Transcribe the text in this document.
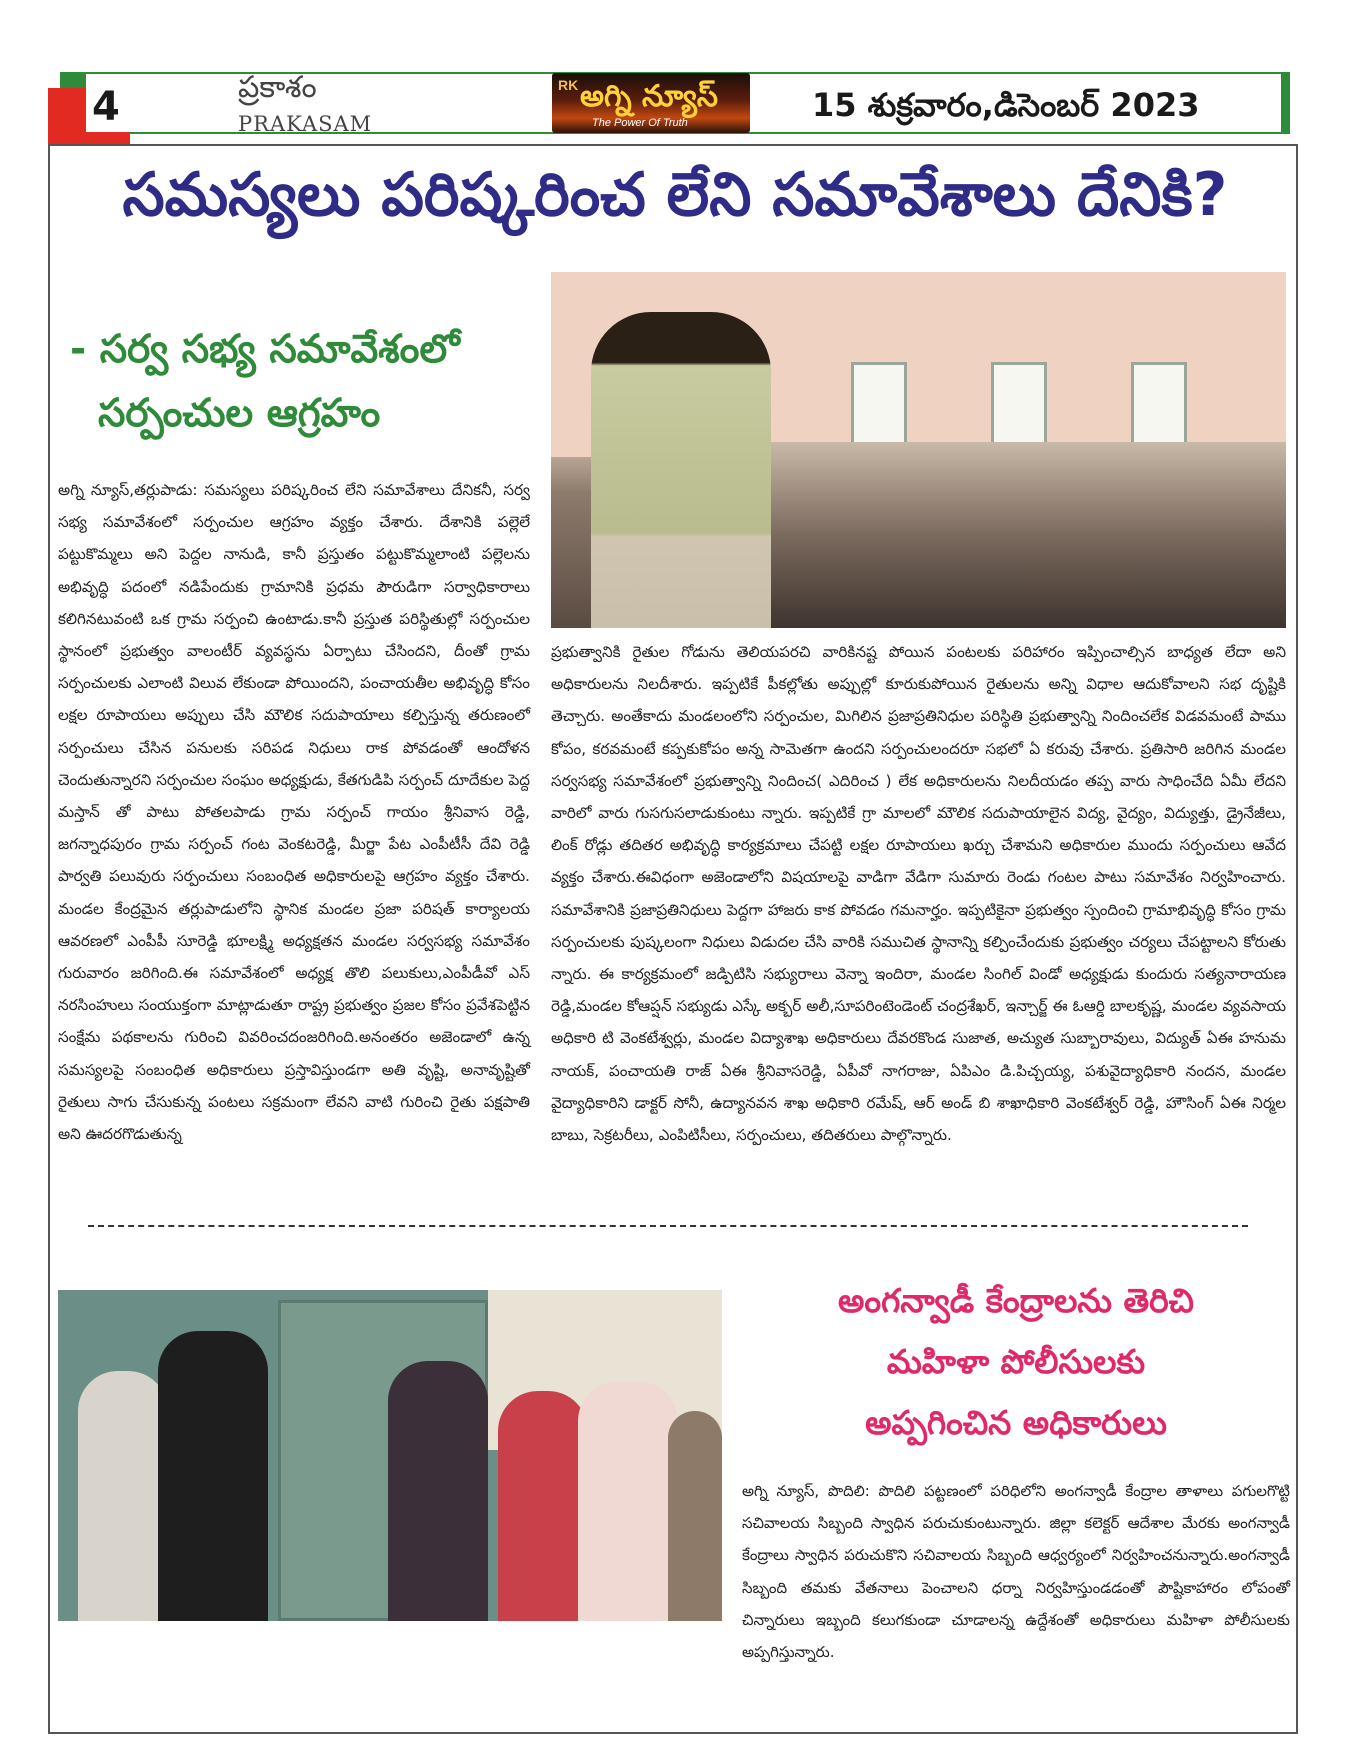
4	ప్రకాశం
PRAKASAM
RK అగ్ని న్యూస్
The Power Of Truth	15 శుక్రవారం,డిసెంబర్ 2023
సమస్యలు పరిష్కరించ లేని సమావేశాలు దేనికి?
- సర్వ సభ్య సమావేశంలో
సర్పంచుల ఆగ్రహం
అగ్ని న్యూస్,తర్లుపాడు: సమస్యలు పరిష్కరించ లేని సమావేశాలు దేనికనీ, సర్వ సభ్య సమావేశంలో సర్పంచుల ఆగ్రహం వ్యక్తం చేశారు. దేశానికి పల్లెలే పట్టుకొమ్మలు అని పెద్దల నానుడి, కానీ ప్రస్తుతం పట్టుకొమ్మలాంటి పల్లెలను అభివృద్ధి పదంలో నడిపేందుకు గ్రామానికి ప్రధమ పౌరుడిగా సర్వాధికారాలు కలిగినటువంటి ఒక గ్రామ సర్పంచి ఉంటాడు.కానీ ప్రస్తుత పరిస్థితుల్లో సర్పంచుల స్థానంలో ప్రభుత్వం వాలంటీర్ వ్యవస్థను ఏర్పాటు చేసిందని, దీంతో గ్రామ సర్పంచులకు ఎలాంటి విలువ లేకుండా పోయిందని, పంచాయతీల అభివృద్ధి కోసం లక్షల రూపాయలు అప్పులు చేసి మౌలిక సదుపాయాలు కల్పిస్తున్న తరుణంలో సర్పంచులు చేసిన పనులకు సరిపడ నిధులు రాక పోవడంతో ఆందోళన చెందుతున్నారని సర్పంచుల సంఘం అధ్యక్షుడు, కేతగుడిపి సర్పంచ్ దూదేకుల పెద్ద మస్తాన్ తో పాటు పోతలపాడు గ్రామ సర్పంచ్ గాయం శ్రీనివాస రెడ్డి, జగన్నాధపురం గ్రామ సర్పంచ్ గంట వెంకటరెడ్డి, మీర్జా పేట ఎంపీటీసీ దేవి రెడ్డి పార్వతి పలువురు సర్పంచులు సంబంధిత అధికారులపై ఆగ్రహం వ్యక్తం చేశారు. మండల కేంద్రమైన తర్లుపాడులోని స్థానిక మండల ప్రజా పరిషత్ కార్యాలయ ఆవరణలో ఎంపీపీ సూరెడ్డి భూలక్ష్మి అధ్యక్షతన మండల సర్వసభ్య సమావేశం గురువారం జరిగింది.ఈ సమావేశంలో అధ్యక్ష తొలి పలుకులు,ఎంపీడీవో ఎస్ నరసింహులు సంయుక్తంగా మాట్లాడుతూ రాష్ట్ర ప్రభుత్వం ప్రజల కోసం ప్రవేశపెట్టిన సంక్షేమ పథకాలను గురించి వివరించదంజరిగింది.అనంతరం అజెండాలో ఉన్న సమస్యలపై సంబంధిత అధికారులు ప్రస్తావిస్తుండగా అతి వృష్టి, అనావృష్టితో రైతులు సాగు చేసుకున్న పంటలు సక్రమంగా లేవని వాటి గురించి రైతు పక్షపాతి అని ఊదరగొడుతున్న
ప్రభుత్వానికి రైతుల గోడును తెలియపరచి వారికినష్ట పోయిన పంటలకు పరిహారం ఇప్పించాల్సిన బాధ్యత లేదా అని అధికారులను నిలదీశారు. ఇప్పటికే పీకల్లోతు అప్పుల్లో కూరుకుపోయిన రైతులను అన్ని విధాల ఆదుకోవాలని సభ దృష్టికి తెచ్చారు. అంతేకాదు మండలంలోని సర్పంచుల, మిగిలిన ప్రజాప్రతినిధుల పరిస్థితి ప్రభుత్వాన్ని నిందించలేక విడవమంటే పాము కోపం, కరవమంటే కప్పకుకోపం అన్న సామెతగా ఉందని సర్పంచులందరూ సభలో ఏ కరువు చేశారు. ప్రతిసారి జరిగిన మండల సర్వసభ్య సమావేశంలో ప్రభుత్వాన్ని నిందించ( ఎదిరించ ) లేక అధికారులను నిలదీయడం తప్ప వారు సాధించేది ఏమీ లేదని వారిలో వారు గుసగుసలాడుకుంటు న్నారు. ఇప్పటికే గ్రా మాలలో మౌలిక సదుపాయాలైన విద్య, వైద్యం, విద్యుత్తు, డ్రైనేజీలు, లింక్ రోడ్లు తదితర అభివృద్ధి కార్యక్రమాలు చేపట్టి లక్షల రూపాయలు ఖర్చు చేశామని అధికారుల ముందు సర్పంచులు ఆవేద వ్యక్తం చేశారు.ఈవిధంగా అజెండాలోని విషయాలపై వాడిగా వేడిగా సుమారు రెండు గంటల పాటు సమావేశం నిర్వహించారు. సమావేశానికి ప్రజాప్రతినిధులు పెద్దగా హాజరు కాక పోవడం గమనార్హం. ఇప్పటికైనా ప్రభుత్వం స్పందించి గ్రామాభివృద్ధి కోసం గ్రామ సర్పంచులకు పుష్కలంగా నిధులు విడుదల చేసి వారికి సముచిత స్థానాన్ని కల్పించేందుకు ప్రభుత్వం చర్యలు చేపట్టాలని కోరుతు న్నారు. ఈ కార్యక్రమంలో జడ్పిటిసి సభ్యురాలు వెన్నా ఇందిరా, మండల సింగిల్ విండో అధ్యక్షుడు కుందురు సత్యనారాయణ రెడ్డి,మండల కోఆప్షన్ సభ్యుడు ఎస్కే అక్బర్ అలీ,సూపరింటెండెంట్ చంద్రశేఖర్, ఇన్చార్జ్ ఈ ఓఆర్డి బాలకృష్ణ, మండల వ్యవసాయ అధికారి టి వెంకటేశ్వర్లు, మండల విద్యాశాఖ అధికారులు దేవరకొండ సుజాత, అచ్యుత సుబ్బారావులు, విద్యుత్ ఏఈ హనుమ నాయక్, పంచాయతి రాజ్ ఏఈ శ్రీనివాసరెడ్డి, ఏపీవో నాగరాజు, ఏపిఎం డి.పిచ్చయ్య, పశువైద్యాధికారి నందన, మండల వైద్యాధికారిని డాక్టర్ సోనీ, ఉద్యానవన శాఖ అధికారి రమేష్, ఆర్ అండ్ బి శాఖాధికారి వెంకటేశ్వర్ రెడ్డి, హౌసింగ్ ఏఈ నిర్మల బాబు, సెక్రటరీలు, ఎంపిటిసీలు, సర్పంచులు, తదితరులు పాల్గొన్నారు.
అంగన్వాడీ కేంద్రాలను తెరిచి
మహిళా పోలీసులకు
అప్పగించిన అధికారులు
అగ్ని న్యూస్, పొదిలి: పొదిలి పట్టణంలో పరిధిలోని అంగన్వాడీ కేంద్రాల తాళాలు పగులగొట్టి సచివాలయ సిబ్బంది స్వాధిన పరుచుకుంటున్నారు. జిల్లా కలెక్టర్ ఆదేశాల మేరకు అంగన్వాడీ కేంద్రాలు స్వాధిన పరుచుకొని సచివాలయ సిబ్బంది ఆధ్వర్యంలో నిర్వహించనున్నారు.అంగన్వాడీ సిబ్బంది తమకు వేతనాలు పెంచాలని ధర్నా నిర్వహిస్తుండడంతో పౌష్టికాహారం లోపంతో చిన్నారులు ఇబ్బంది కలుగకుండా చూడాలన్న ఉద్దేశంతో అధికారులు మహిళా పోలీసులకు అప్పగిస్తున్నారు.
